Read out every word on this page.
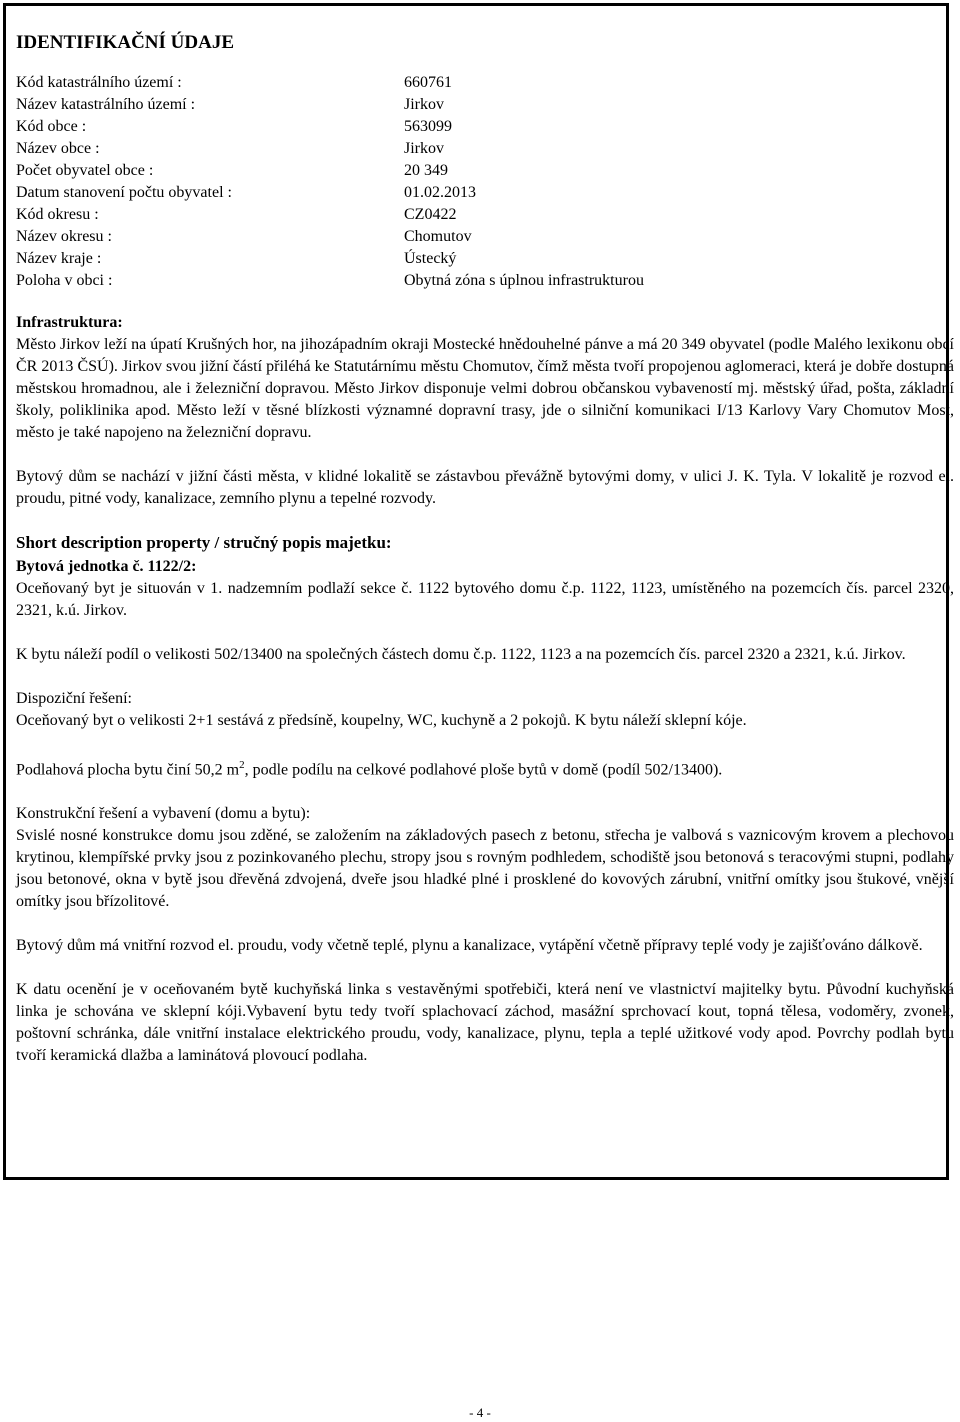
IDENTIFIKAČNÍ ÚDAJE
Kód katastrálního území :	660761
Název katastrálního území :	Jirkov
Kód obce :	563099
Název obce :	Jirkov
Počet obyvatel obce :	20 349
Datum stanovení počtu obyvatel :	01.02.2013
Kód okresu :	CZ0422
Název okresu :	Chomutov
Název kraje :	Ústecký
Poloha v obci :	Obytná zóna s úplnou infrastrukturou

Infrastruktura:

Město Jirkov leží na úpatí Krušných hor, na jihozápadním okraji Mostecké hnědouhelné pánve a má 20 349 obyvatel (podle Malého lexikonu obcí ČR 2013 ČSÚ). Jirkov svou jižní částí přiléhá ke Statutárnímu městu Chomutov, čímž města tvoří propojenou aglomeraci, která je dobře dostupná městskou hromadnou, ale i železniční dopravou. Město Jirkov disponuje velmi dobrou občanskou vybaveností mj. městský úřad, pošta, základní školy, poliklinika apod. Město leží v těsné blízkosti významné dopravní trasy, jde o silniční komunikaci I/13 Karlovy Vary Chomutov Most, město je také napojeno na železniční dopravu.

Bytový dům se nachází v jižní části města, v klidné lokalitě se zástavbou převážně bytovými domy, v ulici J. K. Tyla. V lokalitě je rozvod el. proudu, pitné vody, kanalizace, zemního plynu a tepelné rozvody.

Short description property / stručný popis majetku:

Bytová jednotka č. 1122/2:

Oceňovaný byt je situován v 1. nadzemním podlaží sekce č. 1122 bytového domu č.p. 1122, 1123, umístěného na pozemcích čís. parcel 2320, 2321, k.ú. Jirkov.

K bytu náleží podíl o velikosti 502/13400 na společných částech domu č.p. 1122, 1123 a na pozemcích čís. parcel 2320 a 2321, k.ú. Jirkov.

Dispoziční řešení:

Oceňovaný byt o velikosti 2+1 sestává z předsíně, koupelny, WC, kuchyně a 2 pokojů. K bytu náleží sklepní kóje.

Podlahová plocha bytu činí 50,2 $m^2$, podle podílu na celkové podlahové ploše bytů v domě (podíl 502/13400).

Konstrukční řešení a vybavení (domu a bytu):

Svislé nosné konstrukce domu jsou zděné, se založením na základových pasech z betonu, střecha je valbová s vaznicovým krovem a plechovou krytinou, klempířské prvky jsou z pozinkovaného plechu, stropy jsou s rovným podhledem, schodiště jsou betonová s teracovými stupni, podlahy jsou betonové, okna v bytě jsou dřevěná zdvojená, dveře jsou hladké plné i prosklené do kovových zárubní, vnitřní omítky jsou štukové, vnější omítky jsou břízolitové.

Bytový dům má vnitřní rozvod el. proudu, vody včetně teplé, plynu a kanalizace, vytápění včetně přípravy teplé vody je zajišťováno dálkově.

K datu ocenění je v oceňovaném bytě kuchyňská linka s vestavěnými spotřebiči, která není ve vlastnictví majitelky bytu. Původní kuchyňská linka je schována ve sklepní kóji.Vybavení bytu tedy tvoří splachovací záchod, masážní sprchovací kout, topná tělesa, vodoměry, zvonek, poštovní schránka, dále vnitřní instalace elektrického proudu, vody, kanalizace, plynu, tepla a teplé užitkové vody apod. Povrchy podlah bytu tvoří keramická dlažba a laminátová plovoucí podlaha.

- 4 -
